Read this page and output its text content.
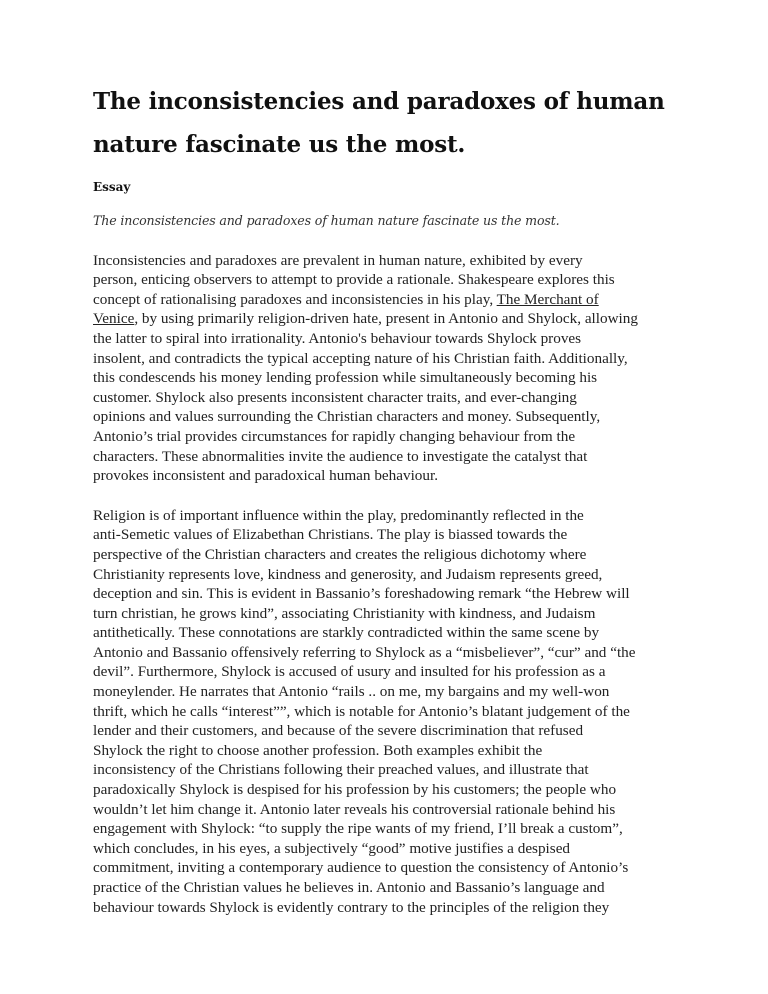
The inconsistencies and paradoxes of human
nature fascinate us the most.

Essay

The inconsistencies and paradoxes of human nature fascinate us the most.

Inconsistencies and paradoxes are prevalent in human nature, exhibited by every
person, enticing observers to attempt to provide a rationale. Shakespeare explores this
concept of rationalising paradoxes and inconsistencies in his play, The Merchant of
Venice, by using primarily religion-driven hate, present in Antonio and Shylock, allowing
the latter to spiral into irrationality. Antonio's behaviour towards Shylock proves
insolent, and contradicts the typical accepting nature of his Christian faith. Additionally,
this condescends his money lending profession while simultaneously becoming his
customer. Shylock also presents inconsistent character traits, and ever-changing
opinions and values surrounding the Christian characters and money. Subsequently,
Antonio’s trial provides circumstances for rapidly changing behaviour from the
characters. These abnormalities invite the audience to investigate the catalyst that
provokes inconsistent and paradoxical human behaviour.

Religion is of important influence within the play, predominantly reflected in the
anti-Semetic values of Elizabethan Christians. The play is biassed towards the
perspective of the Christian characters and creates the religious dichotomy where
Christianity represents love, kindness and generosity, and Judaism represents greed,
deception and sin. This is evident in Bassanio’s foreshadowing remark “the Hebrew will
turn christian, he grows kind”, associating Christianity with kindness, and Judaism
antithetically. These connotations are starkly contradicted within the same scene by
Antonio and Bassanio offensively referring to Shylock as a “misbeliever”, “cur” and “the
devil”. Furthermore, Shylock is accused of usury and insulted for his profession as a
moneylender. He narrates that Antonio “rails .. on me, my bargains and my well-won
thrift, which he calls “interest””, which is notable for Antonio’s blatant judgement of the
lender and their customers, and because of the severe discrimination that refused
Shylock the right to choose another profession. Both examples exhibit the
inconsistency of the Christians following their preached values, and illustrate that
paradoxically Shylock is despised for his profession by his customers; the people who
wouldn’t let him change it. Antonio later reveals his controversial rationale behind his
engagement with Shylock: “to supply the ripe wants of my friend, I’ll break a custom”,
which concludes, in his eyes, a subjectively “good” motive justifies a despised
commitment, inviting a contemporary audience to question the consistency of Antonio’s
practice of the Christian values he believes in. Antonio and Bassanio’s language and
behaviour towards Shylock is evidently contrary to the principles of the religion they
